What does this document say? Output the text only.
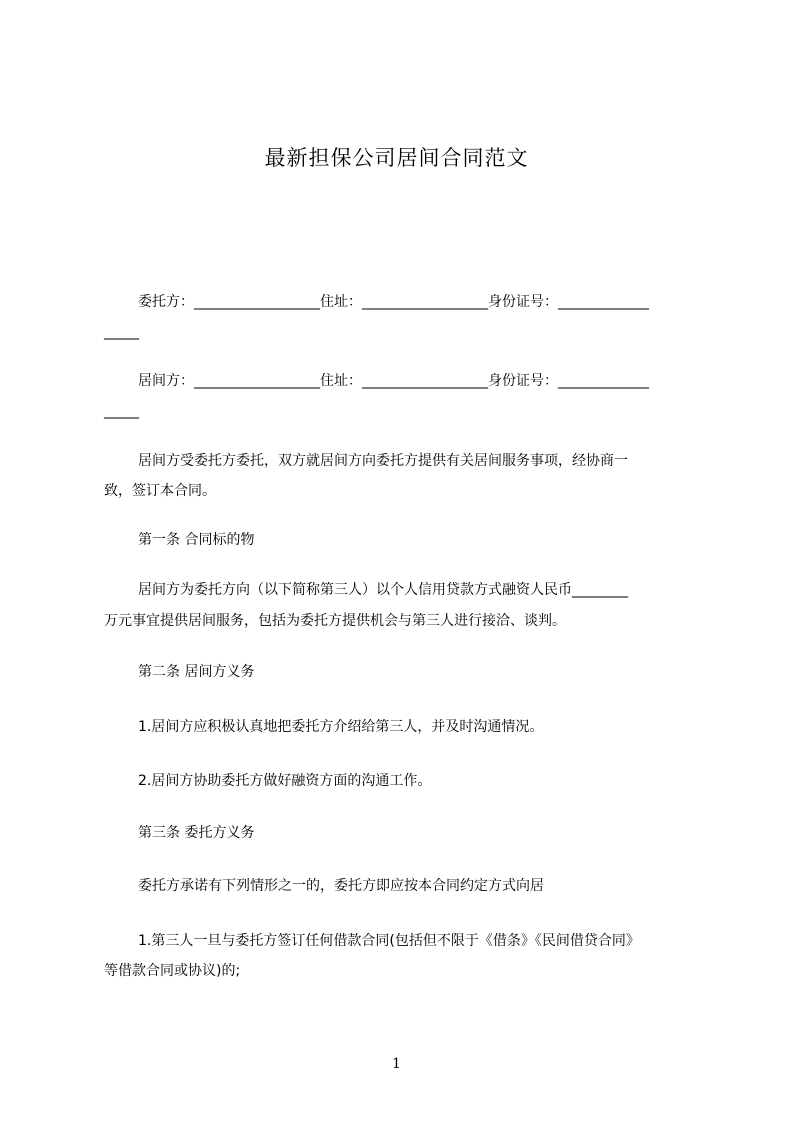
最新担保公司居间合同范文

委托方：__________________住址：__________________身份证号：_____________

_____

居间方：__________________住址：__________________身份证号：_____________

_____

居间方受委托方委托，双方就居间方向委托方提供有关居间服务事项，经协商一

致，签订本合同。

第一条 合同标的物

居间方为委托方向（以下简称第三人）以个人信用贷款方式融资人民币________

万元事宜提供居间服务，包括为委托方提供机会与第三人进行接洽、谈判。

第二条 居间方义务

1.居间方应积极认真地把委托方介绍给第三人，并及时沟通情况。

2.居间方协助委托方做好融资方面的沟通工作。

第三条 委托方义务

委托方承诺有下列情形之一的，委托方即应按本合同约定方式向居

1.第三人一旦与委托方签订任何借款合同(包括但不限于《借条》《民间借贷合同》

等借款合同或协议)的;

1
